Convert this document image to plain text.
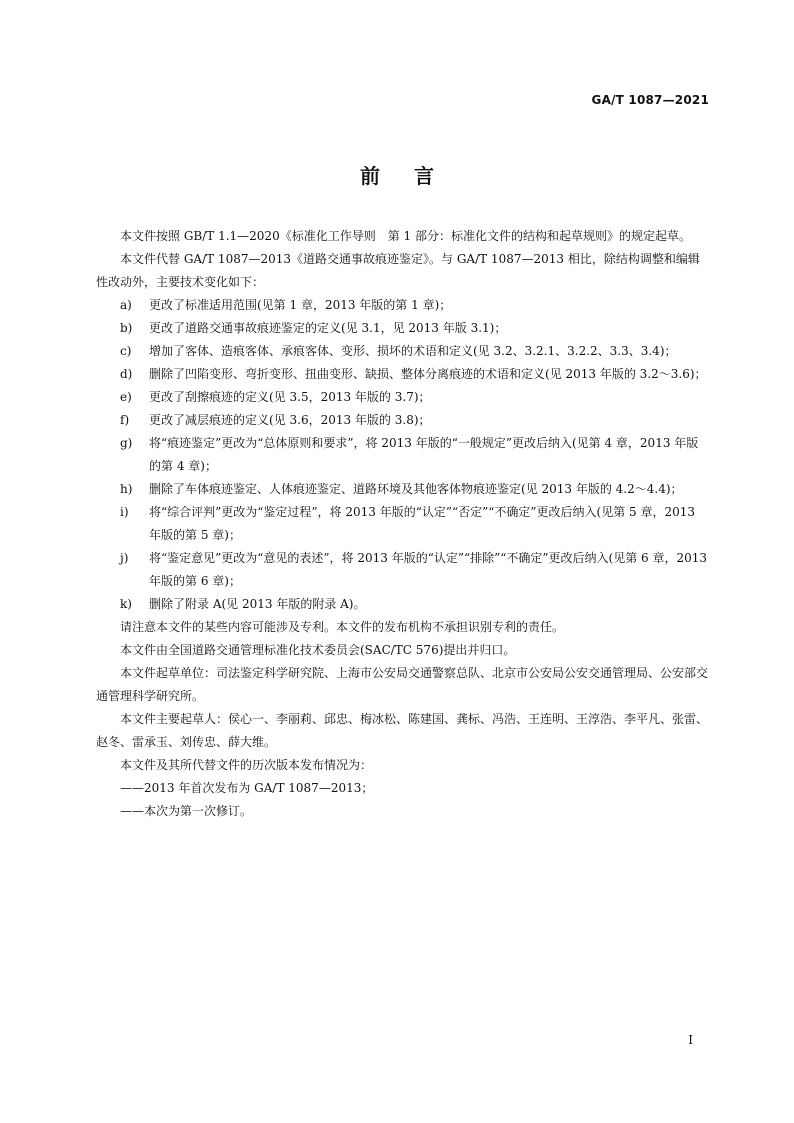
GA/T 1087—2021
前言

本文件按照 GB/T 1.1—2020《标准化工作导则　第 1 部分：标准化文件的结构和起草规则》的规定起草。

本文件代替 GA/T 1087—2013《道路交通事故痕迹鉴定》。与 GA/T 1087—2013 相比，除结构调整和编辑性改动外，主要技术变化如下：

a)	更改了标准适用范围(见第 1 章，2013 年版的第 1 章)；
b)	更改了道路交通事故痕迹鉴定的定义(见 3.1，见 2013 年版 3.1)；
c)	增加了客体、造痕客体、承痕客体、变形、损坏的术语和定义(见 3.2、3.2.1、3.2.2、3.3、3.4)；
d)	删除了凹陷变形、弯折变形、扭曲变形、缺损、整体分离痕迹的术语和定义(见 2013 年版的 3.2～3.6)；
e)	更改了刮擦痕迹的定义(见 3.5，2013 年版的 3.7)；
f)	更改了减层痕迹的定义(见 3.6，2013 年版的 3.8)；
g)	将“痕迹鉴定”更改为“总体原则和要求”，将 2013 年版的“一般规定”更改后纳入(见第 4 章，2013 年版的第 4 章)；
h)	删除了车体痕迹鉴定、人体痕迹鉴定、道路环境及其他客体物痕迹鉴定(见 2013 年版的 4.2～4.4)；
i)	将“综合评判”更改为“鉴定过程”，将 2013 年版的“认定”“否定”“不确定”更改后纳入(见第 5 章，2013 年版的第 5 章)；
j)	将“鉴定意见”更改为“意见的表述”，将 2013 年版的“认定”“排除”“不确定”更改后纳入(见第 6 章，2013 年版的第 6 章)；
k)	删除了附录 A(见 2013 年版的附录 A)。

请注意本文件的某些内容可能涉及专利。本文件的发布机构不承担识别专利的责任。

本文件由全国道路交通管理标准化技术委员会(SAC/TC 576)提出并归口。

本文件起草单位：司法鉴定科学研究院、上海市公安局交通警察总队、北京市公安局公安交通管理局、公安部交通管理科学研究所。

本文件主要起草人：侯心一、李丽莉、邱忠、梅冰松、陈建国、龚标、冯浩、王连明、王淳浩、李平凡、张雷、赵冬、雷承玉、刘传忠、薛大维。

本文件及其所代替文件的历次版本发布情况为：

——2013 年首次发布为 GA/T 1087—2013；

——本次为第一次修订。

I
